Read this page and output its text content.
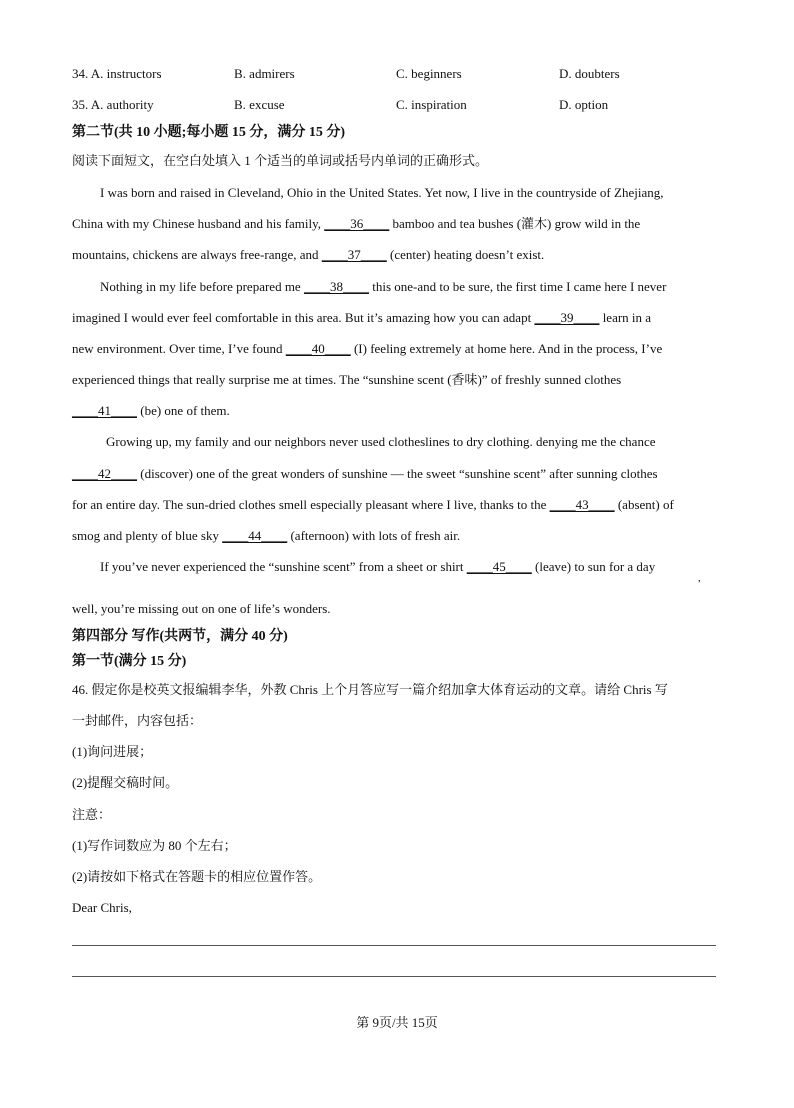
34. A. instructors	B. admirers	C. beginners	D. doubters
35. A. authority	B. excuse	C. inspiration	D. option
第二节(共 10 小题;每小题 15 分，满分 15 分)
阅读下面短文，在空白处填入 1 个适当的单词或括号内单词的正确形式。
I was born and raised in Cleveland, Ohio in the United States. Yet now, I live in the countryside of Zhejiang,
China with my Chinese husband and his family, ____36____ bamboo and tea bushes (灌木) grow wild in the
mountains, chickens are always free-range, and ____37____ (center) heating doesn’t exist.
Nothing in my life before prepared me ____38____ this one-and to be sure, the first time I came here I never
imagined I would ever feel comfortable in this area. But it’s amazing how you can adapt ____39____ learn in a
new environment. Over time, I’ve found ____40____ (I) feeling extremely at home here. And in the process, I’ve
experienced things that really surprise me at times. The “sunshine scent (香味)” of freshly sunned clothes
____41____ (be) one of them.
Growing up, my family and our neighbors never used clotheslines to dry clothing. denying me the chance
____42____ (discover) one of the great wonders of sunshine — the sweet “sunshine scent” after sunning clothes
for an entire day. The sun-dried clothes smell especially pleasant where I live, thanks to the ____43____ (absent) of
smog and plenty of blue sky ____44____ (afternoon) with lots of fresh air.
If you’ve never experienced the “sunshine scent” from a sheet or shirt ____45____ (leave) to sun for a day
,
well, you’re missing out on one of life’s wonders.
第四部分 写作(共两节，满分 40 分)
第一节(满分 15 分)
46. 假定你是校英文报编辑李华，外教 Chris 上个月答应写一篇介绍加拿大体育运动的文章。请给 Chris 写
一封邮件，内容包括：
(1)询问进展；
(2)提醒交稿时间。
注意：
(1)写作词数应为 80 个左右；
(2)请按如下格式在答题卡的相应位置作答。
Dear Chris,
第 9页/共 15页
